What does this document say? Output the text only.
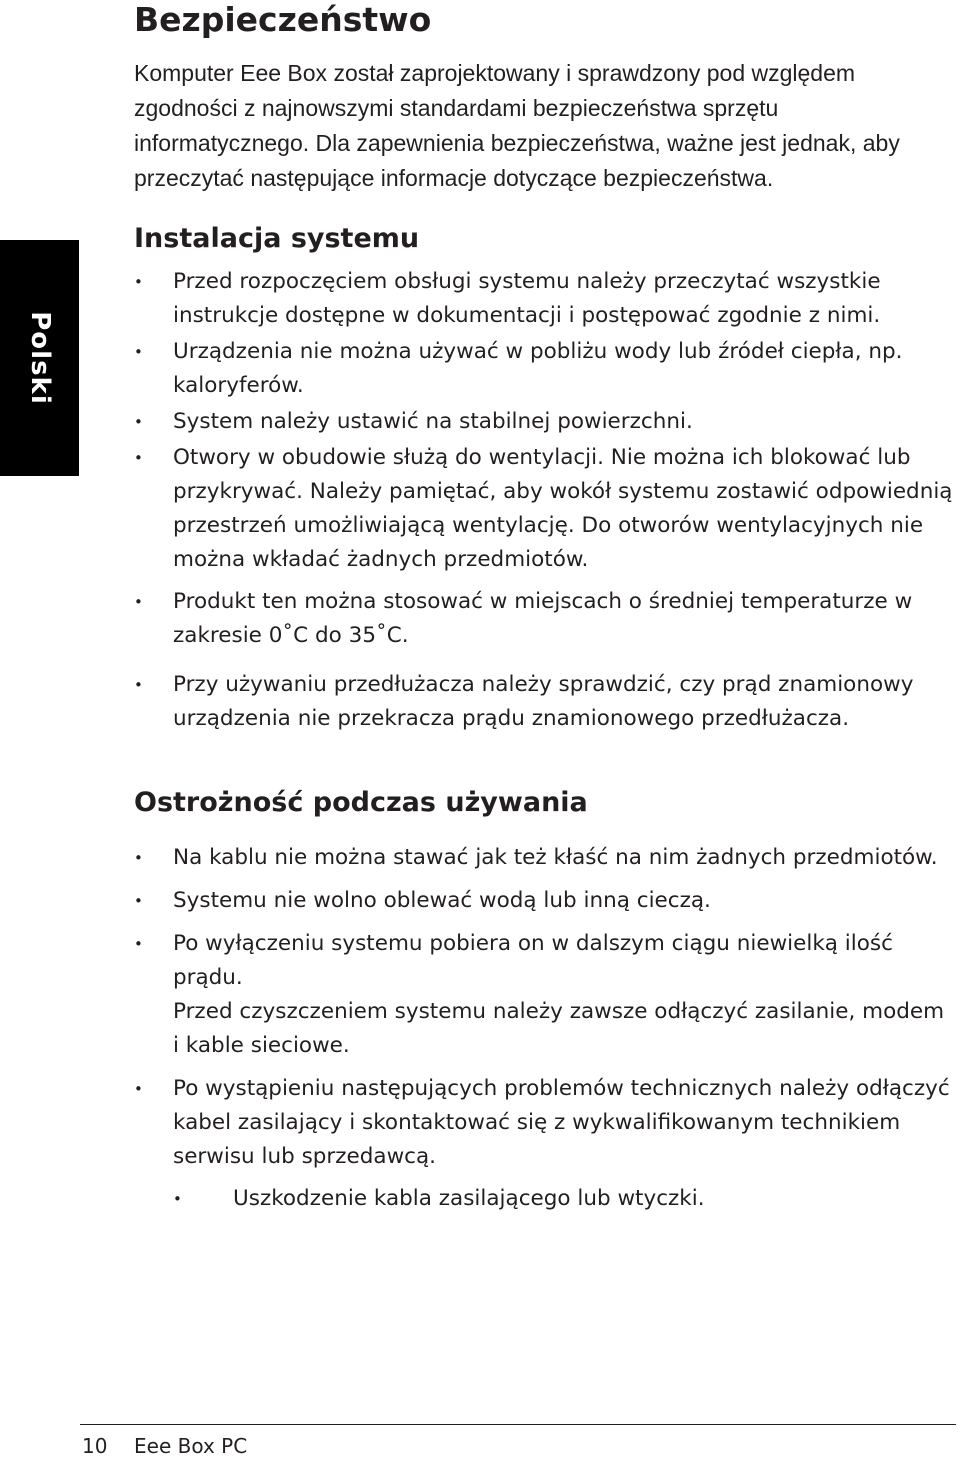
Polski
Bezpieczeństwo

Komputer Eee Box został zaprojektowany i sprawdzony pod względem
zgodności z najnowszymi standardami bezpieczeństwa sprzętu
informatycznego. Dla zapewnienia bezpieczeństwa, ważne jest jednak, aby
przeczytać następujące informacje dotyczące bezpieczeństwa.

Instalacja systemu
• Przed rozpoczęciem obsługi systemu należy przeczytać wszystkie
instrukcje dostępne w dokumentacji i postępować zgodnie z nimi.
• Urządzenia nie można używać w pobliżu wody lub źródeł ciepła, np.
kaloryferów.
• System należy ustawić na stabilnej powierzchni.
• Otwory w obudowie służą do wentylacji. Nie można ich blokować lub
przykrywać. Należy pamiętać, aby wokół systemu zostawić odpowiednią
przestrzeń umożliwiającą wentylację. Do otworów wentylacyjnych nie
można wkładać żadnych przedmiotów.
• Produkt ten można stosować w miejscach o średniej temperaturze w
zakresie 0˚C do 35˚C.
• Przy używaniu przedłużacza należy sprawdzić, czy prąd znamionowy
urządzenia nie przekracza prądu znamionowego przedłużacza.
Ostrożność podczas używania
• Na kablu nie można stawać jak też kłaść na nim żadnych przedmiotów.
• Systemu nie wolno oblewać wodą lub inną cieczą.
• Po wyłączeniu systemu pobiera on w dalszym ciągu niewielką ilość
prądu.
Przed czyszczeniem systemu należy zawsze odłączyć zasilanie, modem
i kable sieciowe.
• Po wystąpieniu następujących problemów technicznych należy odłączyć
kabel zasilający i skontaktować się z wykwalifikowanym technikiem
serwisu lub sprzedawcą.
• Uszkodzenie kabla zasilającego lub wtyczki.
10 Eee Box PC
